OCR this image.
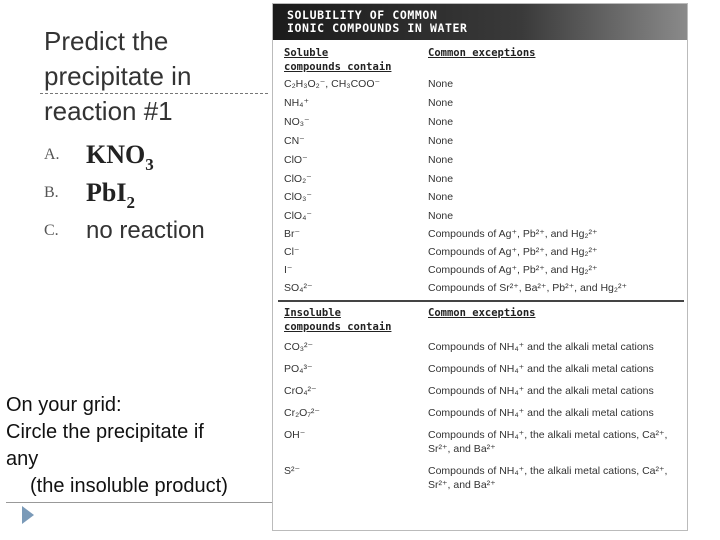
Predict the
precipitate in
reaction #1
A. KNO3
B. PbI2
C. no reaction
On your grid:
Circle the precipitate if
any
(the insoluble product)
SOLUBILITY OF COMMON
IONIC COMPOUNDS IN WATER
Soluble
compounds contain
Common exceptions
C₂H₃O₂⁻, CH₃COO⁻	None
NH₄⁺	None
NO₃⁻	None
CN⁻	None
ClO⁻	None
ClO₂⁻	None
ClO₃⁻	None
ClO₄⁻	None
Br⁻	Compounds of Ag⁺, Pb²⁺, and Hg₂²⁺
Cl⁻	Compounds of Ag⁺, Pb²⁺, and Hg₂²⁺
I⁻	Compounds of Ag⁺, Pb²⁺, and Hg₂²⁺
SO₄²⁻	Compounds of Sr²⁺, Ba²⁺, Pb²⁺, and Hg₂²⁺
Insoluble
compounds contain
Common exceptions
CO₃²⁻	Compounds of NH₄⁺ and the alkali metal cations
PO₄³⁻	Compounds of NH₄⁺ and the alkali metal cations
CrO₄²⁻	Compounds of NH₄⁺ and the alkali metal cations
Cr₂O₇²⁻	Compounds of NH₄⁺ and the alkali metal cations
OH⁻	Compounds of NH₄⁺, the alkali metal cations, Ca²⁺, Sr²⁺, and Ba²⁺
S²⁻	Compounds of NH₄⁺, the alkali metal cations, Ca²⁺, Sr²⁺, and Ba²⁺
